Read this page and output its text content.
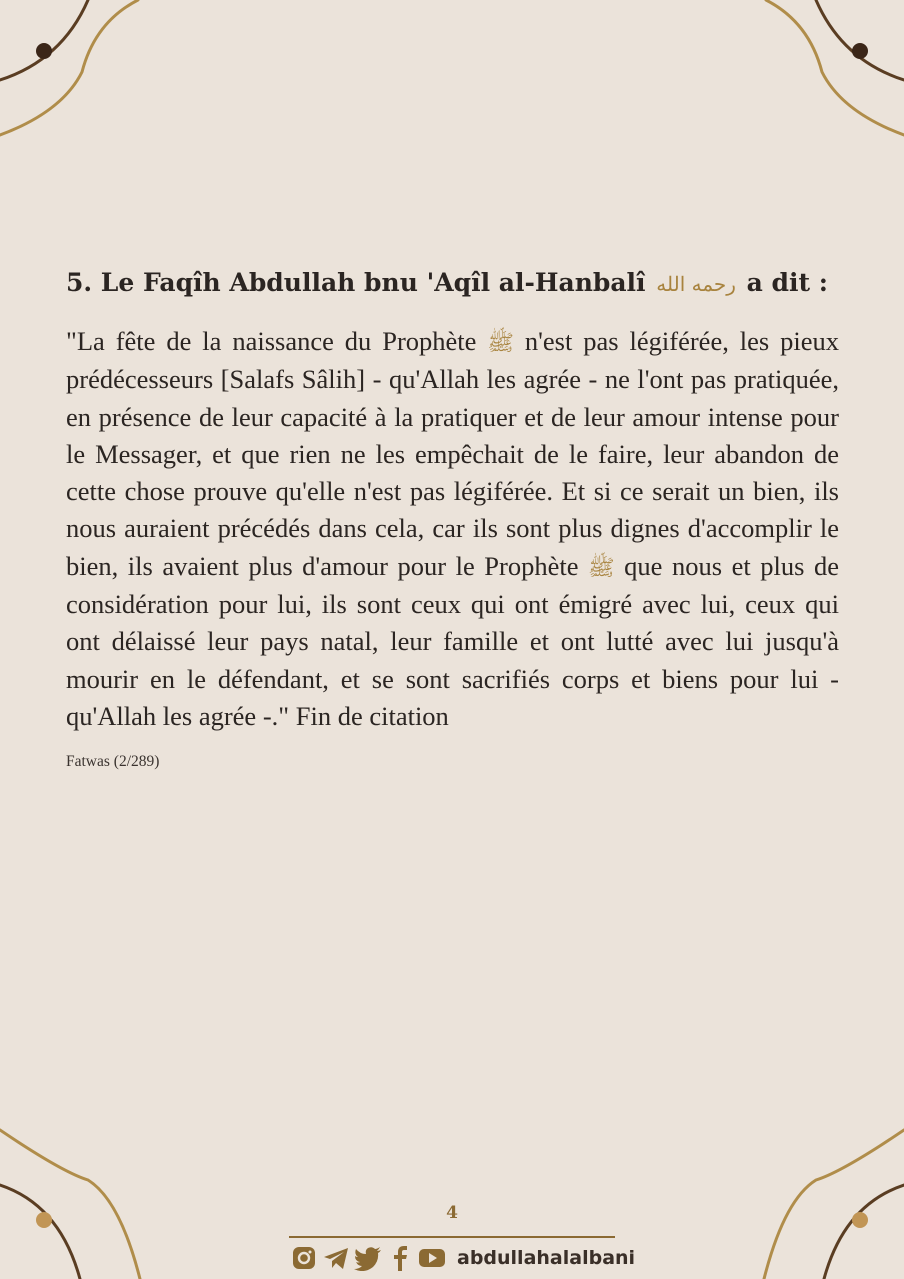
5. Le Faqîh Abdullah bnu 'Aqîl al-Hanbalî رحمه الله a dit :

"La fête de la naissance du Prophète ﷺ n'est pas légiférée, les pieux prédécesseurs [Salafs Sâlih] - qu'Allah les agrée - ne l'ont pas pratiquée, en présence de leur capacité à la pratiquer et de leur amour intense pour le Messager, et que rien ne les empêchait de le faire, leur abandon de cette chose prouve qu'elle n'est pas légiférée. Et si ce serait un bien, ils nous auraient précédés dans cela, car ils sont plus dignes d'accomplir le bien, ils avaient plus d'amour pour le Prophète ﷺ que nous et plus de considération pour lui, ils sont ceux qui ont émigré avec lui, ceux qui ont délaissé leur pays natal, leur famille et ont lutté avec lui jusqu'à mourir en le défendant, et se sont sacrifiés corps et biens pour lui - qu'Allah les agrée -." Fin de citation

Fatwas (2/289)
4
abdullahalalbani
